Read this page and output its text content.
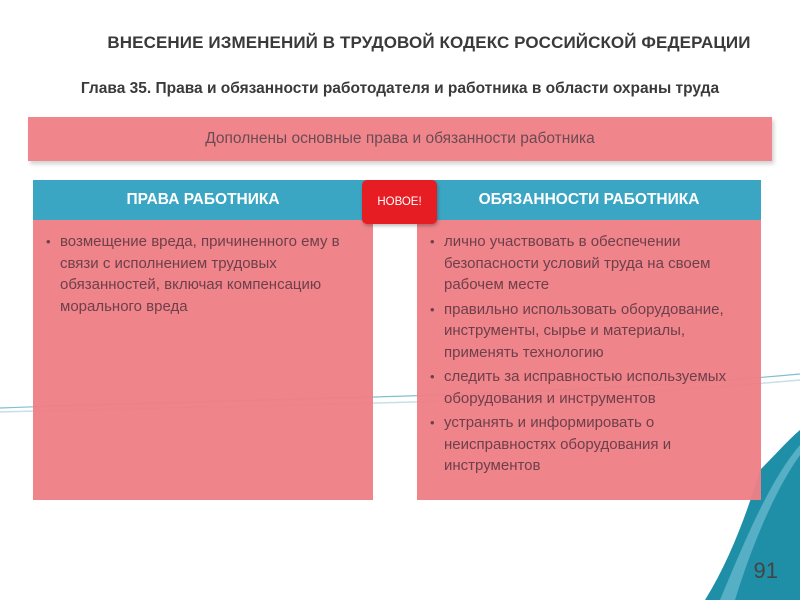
ВНЕСЕНИЕ ИЗМЕНЕНИЙ В ТРУДОВОЙ КОДЕКС РОССИЙСКОЙ ФЕДЕРАЦИИ
Глава 35. Права и обязанности работодателя и работника в области охраны труда
Дополнены основные права и обязанности работника
ПРАВА РАБОТНИКА	ОБЯЗАННОСТИ РАБОТНИКА
• возмещение вреда, причиненного ему в связи с исполнением трудовых обязанностей, включая компенсацию морального вреда
• лично участвовать в обеспечении безопасности условий труда на своем рабочем месте
• правильно использовать оборудование, инструменты, сырье и материалы, применять технологию
• следить за исправностью используемых оборудования и инструментов
• устранять и информировать о неисправностях оборудования и инструментов
НОВОЕ!
91
